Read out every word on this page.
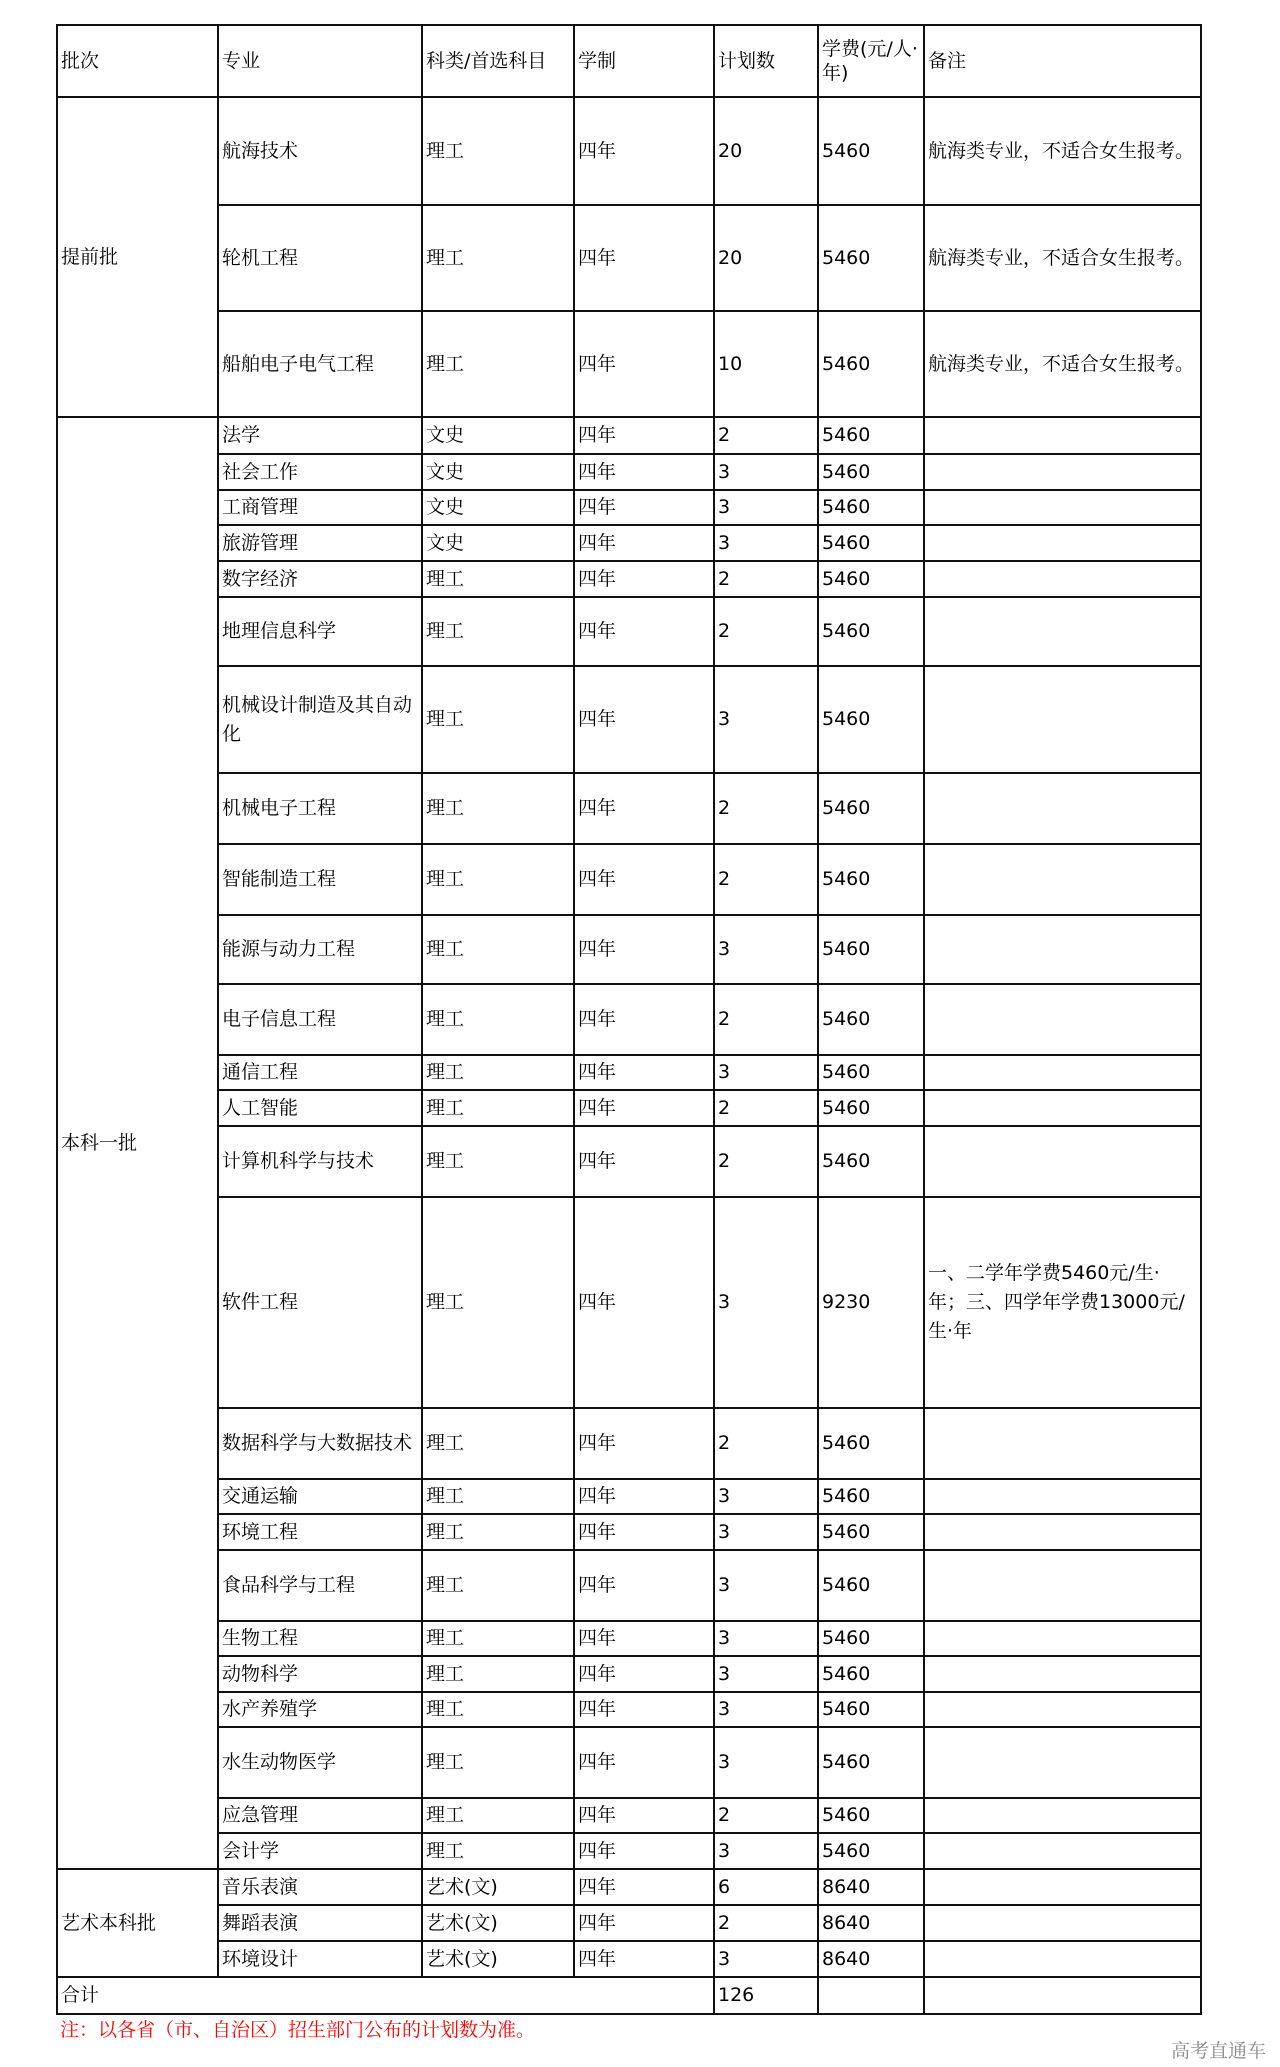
批次	专业	科类/首选科目	学制	计划数	学费(元/人·年)	备注
提前批	航海技术	理工	四年	20	5460	航海类专业，不适合女生报考。
	轮机工程	理工	四年	20	5460	航海类专业，不适合女生报考。
	船舶电子电气工程	理工	四年	10	5460	航海类专业，不适合女生报考。
本科一批	法学	文史	四年	2	5460	
	社会工作	文史	四年	3	5460	
	工商管理	文史	四年	3	5460	
	旅游管理	文史	四年	3	5460	
	数字经济	理工	四年	2	5460	
	地理信息科学	理工	四年	2	5460	
	机械设计制造及其自动化	理工	四年	3	5460	
	机械电子工程	理工	四年	2	5460	
	智能制造工程	理工	四年	2	5460	
	能源与动力工程	理工	四年	3	5460	
	电子信息工程	理工	四年	2	5460	
	通信工程	理工	四年	3	5460	
	人工智能	理工	四年	2	5460	
	计算机科学与技术	理工	四年	2	5460	
	软件工程	理工	四年	3	9230	一、二学年学费5460元/生·年；三、四学年学费13000元/生·年
	数据科学与大数据技术	理工	四年	2	5460	
	交通运输	理工	四年	3	5460	
	环境工程	理工	四年	3	5460	
	食品科学与工程	理工	四年	3	5460	
	生物工程	理工	四年	3	5460	
	动物科学	理工	四年	3	5460	
	水产养殖学	理工	四年	3	5460	
	水生动物医学	理工	四年	3	5460	
	应急管理	理工	四年	2	5460	
	会计学	理工	四年	3	5460	
艺术本科批	音乐表演	艺术(文)	四年	6	8640	
	舞蹈表演	艺术(文)	四年	2	8640	
	环境设计	艺术(文)	四年	3	8640	
合计				126		
注：以各省（市、自治区）招生部门公布的计划数为准。
高考直通车
